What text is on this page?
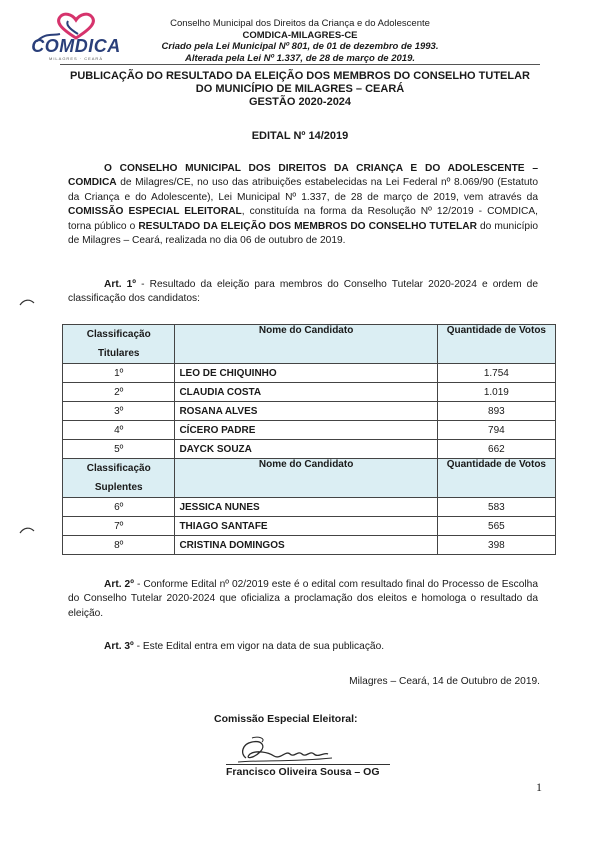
COMDICA
MILAGRES · CEARÁ
Conselho Municipal dos Direitos da Criança e do Adolescente
COMDICA-MILAGRES-CE
Criado pela Lei Municipal Nº 801, de 01 de dezembro de 1993.
Alterada pela Lei Nº 1.337, de 28 de março de 2019.
PUBLICAÇÃO DO RESULTADO DA ELEIÇÃO DOS MEMBROS DO CONSELHO TUTELAR
DO MUNICÍPIO DE MILAGRES – CEARÁ
GESTÃO 2020-2024
EDITAL Nº 14/2019
O CONSELHO MUNICIPAL DOS DIREITOS DA CRIANÇA E DO ADOLESCENTE – COMDICA de Milagres/CE, no uso das atribuições estabelecidas na Lei Federal nº 8.069/90 (Estatuto da Criança e do Adolescente), Lei Municipal Nº 1.337, de 28 de março de 2019, vem através da COMISSÃO ESPECIAL ELEITORAL, constituída na forma da Resolução Nº 12/2019 - COMDICA, torna público o RESULTADO DA ELEIÇÃO DOS MEMBROS DO CONSELHO TUTELAR do município de Milagres – Ceará, realizada no dia 06 de outubro de 2019.
Art. 1º - Resultado da eleição para membros do Conselho Tutelar 2020-2024 e ordem de classificação dos candidatos:
Classificação Titulares	Nome do Candidato	Quantidade de Votos
1º	LEO DE CHIQUINHO	1.754
2º	CLAUDIA COSTA	1.019
3º	ROSANA ALVES	893
4º	CÍCERO PADRE	794
5º	DAYCK SOUZA	662
Classificação Suplentes	Nome do Candidato	Quantidade de Votos
6º	JESSICA NUNES	583
7º	THIAGO SANTAFE	565
8º	CRISTINA DOMINGOS	398
Art. 2º - Conforme Edital nº 02/2019 este é o edital com resultado final do Processo de Escolha do Conselho Tutelar 2020-2024 que oficializa a proclamação dos eleitos e homologa o resultado da eleição.
Art. 3º - Este Edital entra em vigor na data de sua publicação.
Milagres – Ceará, 14 de Outubro de 2019.
Comissão Especial Eleitoral:
Francisco Oliveira Sousa – OG
1
